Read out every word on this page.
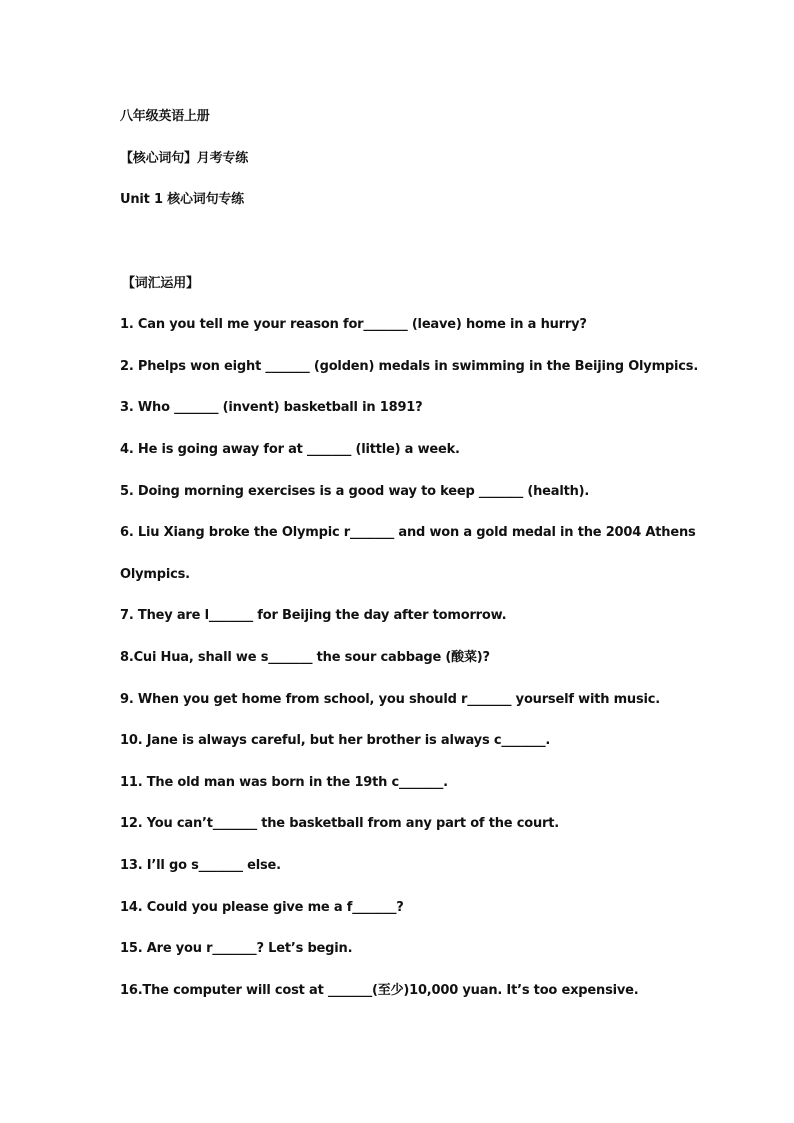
八年级英语上册
【核心词句】月考专练
Unit 1 核心词句专练
【词汇运用】
1. Can you tell me your reason for_______ (leave) home in a hurry?
2. Phelps won eight _______ (golden) medals in swimming in the Beijing Olympics.
3. Who _______ (invent) basketball in 1891?
4. He is going away for at _______ (little) a week.
5. Doing morning exercises is a good way to keep _______ (health).
6. Liu Xiang broke the Olympic r_______ and won a gold medal in the 2004 Athens
Olympics.
7. They are l_______ for Beijing the day after tomorrow.
8.Cui Hua, shall we s_______ the sour cabbage (酸菜)?
9. When you get home from school, you should r_______ yourself with music.
10. Jane is always careful, but her brother is always c_______.
11. The old man was born in the 19th c_______.
12. You can’t_______ the basketball from any part of the court.
13. I’ll go s_______ else.
14. Could you please give me a f_______?
15. Are you r_______? Let’s begin.
16.The computer will cost at _______(至少)10,000 yuan. It’s too expensive.
